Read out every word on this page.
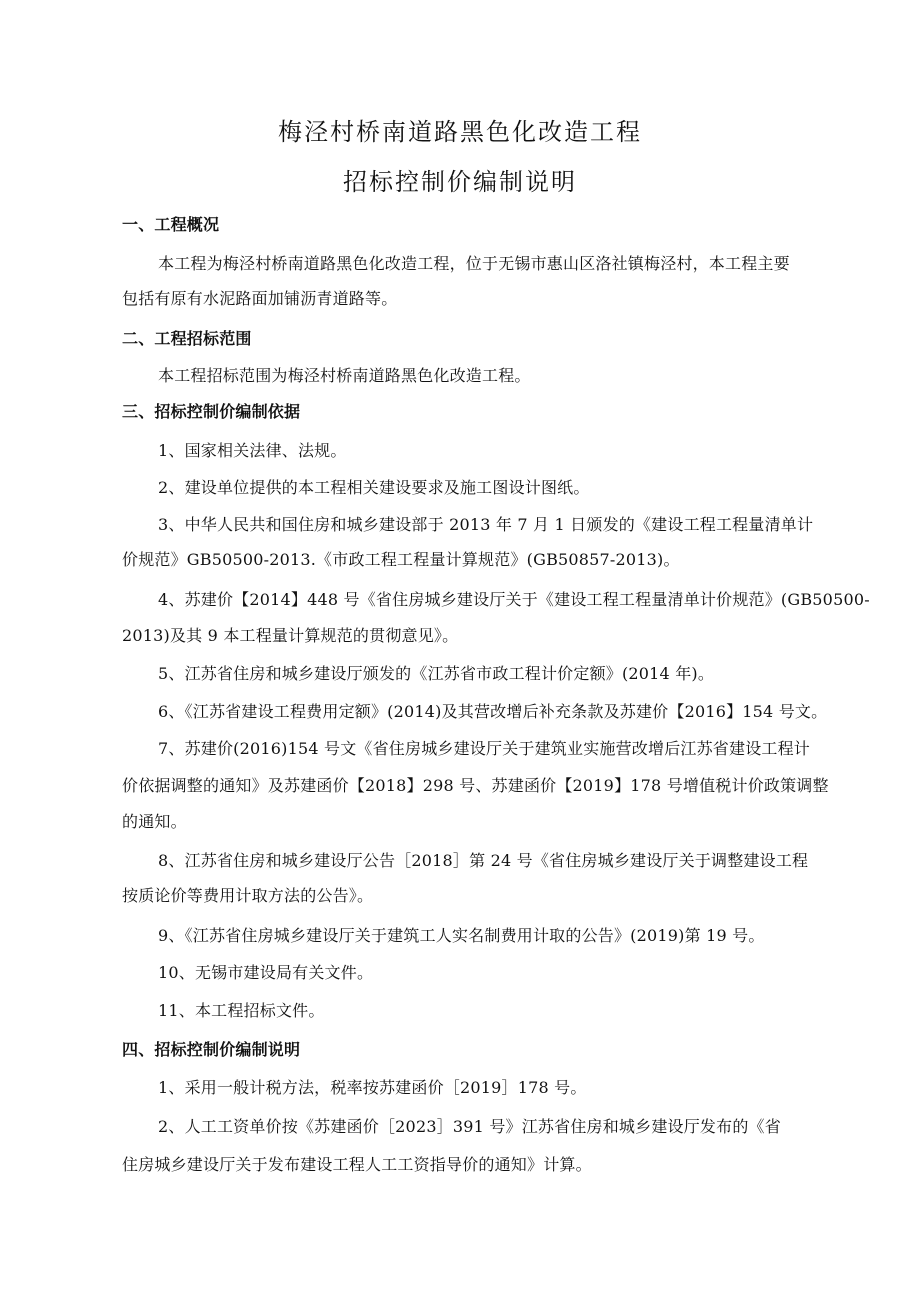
梅泾村桥南道路黑色化改造工程
招标控制价编制说明
一、工程概况
本工程为梅泾村桥南道路黑色化改造工程，位于无锡市惠山区洛社镇梅泾村，本工程主要
包括有原有水泥路面加铺沥青道路等。
二、工程招标范围
本工程招标范围为梅泾村桥南道路黑色化改造工程。
三、招标控制价编制依据
1、国家相关法律、法规。
2、建设单位提供的本工程相关建设要求及施工图设计图纸。
3、中华人民共和国住房和城乡建设部于 2013 年 7 月 1 日颁发的《建设工程工程量清单计
价规范》GB50500-2013.《市政工程工程量计算规范》(GB50857-2013)。
4、苏建价【2014】448 号《省住房城乡建设厅关于《建设工程工程量清单计价规范》(GB50500-
2013)及其 9 本工程量计算规范的贯彻意见》。
5、江苏省住房和城乡建设厅颁发的《江苏省市政工程计价定额》(2014 年)。
6、《江苏省建设工程费用定额》(2014)及其营改增后补充条款及苏建价【2016】154 号文。
7、苏建价(2016)154 号文《省住房城乡建设厅关于建筑业实施营改增后江苏省建设工程计
价依据调整的通知》及苏建函价【2018】298 号、苏建函价【2019】178 号增值税计价政策调整
的通知。
8、江苏省住房和城乡建设厅公告［2018］第 24 号《省住房城乡建设厅关于调整建设工程
按质论价等费用计取方法的公告》。
9、《江苏省住房城乡建设厅关于建筑工人实名制费用计取的公告》(2019)第 19 号。
10、无锡市建设局有关文件。
11、本工程招标文件。
四、招标控制价编制说明
1、采用一般计税方法，税率按苏建函价［2019］178 号。
2、人工工资单价按《苏建函价［2023］391 号》江苏省住房和城乡建设厅发布的《省
住房城乡建设厅关于发布建设工程人工工资指导价的通知》计算。
